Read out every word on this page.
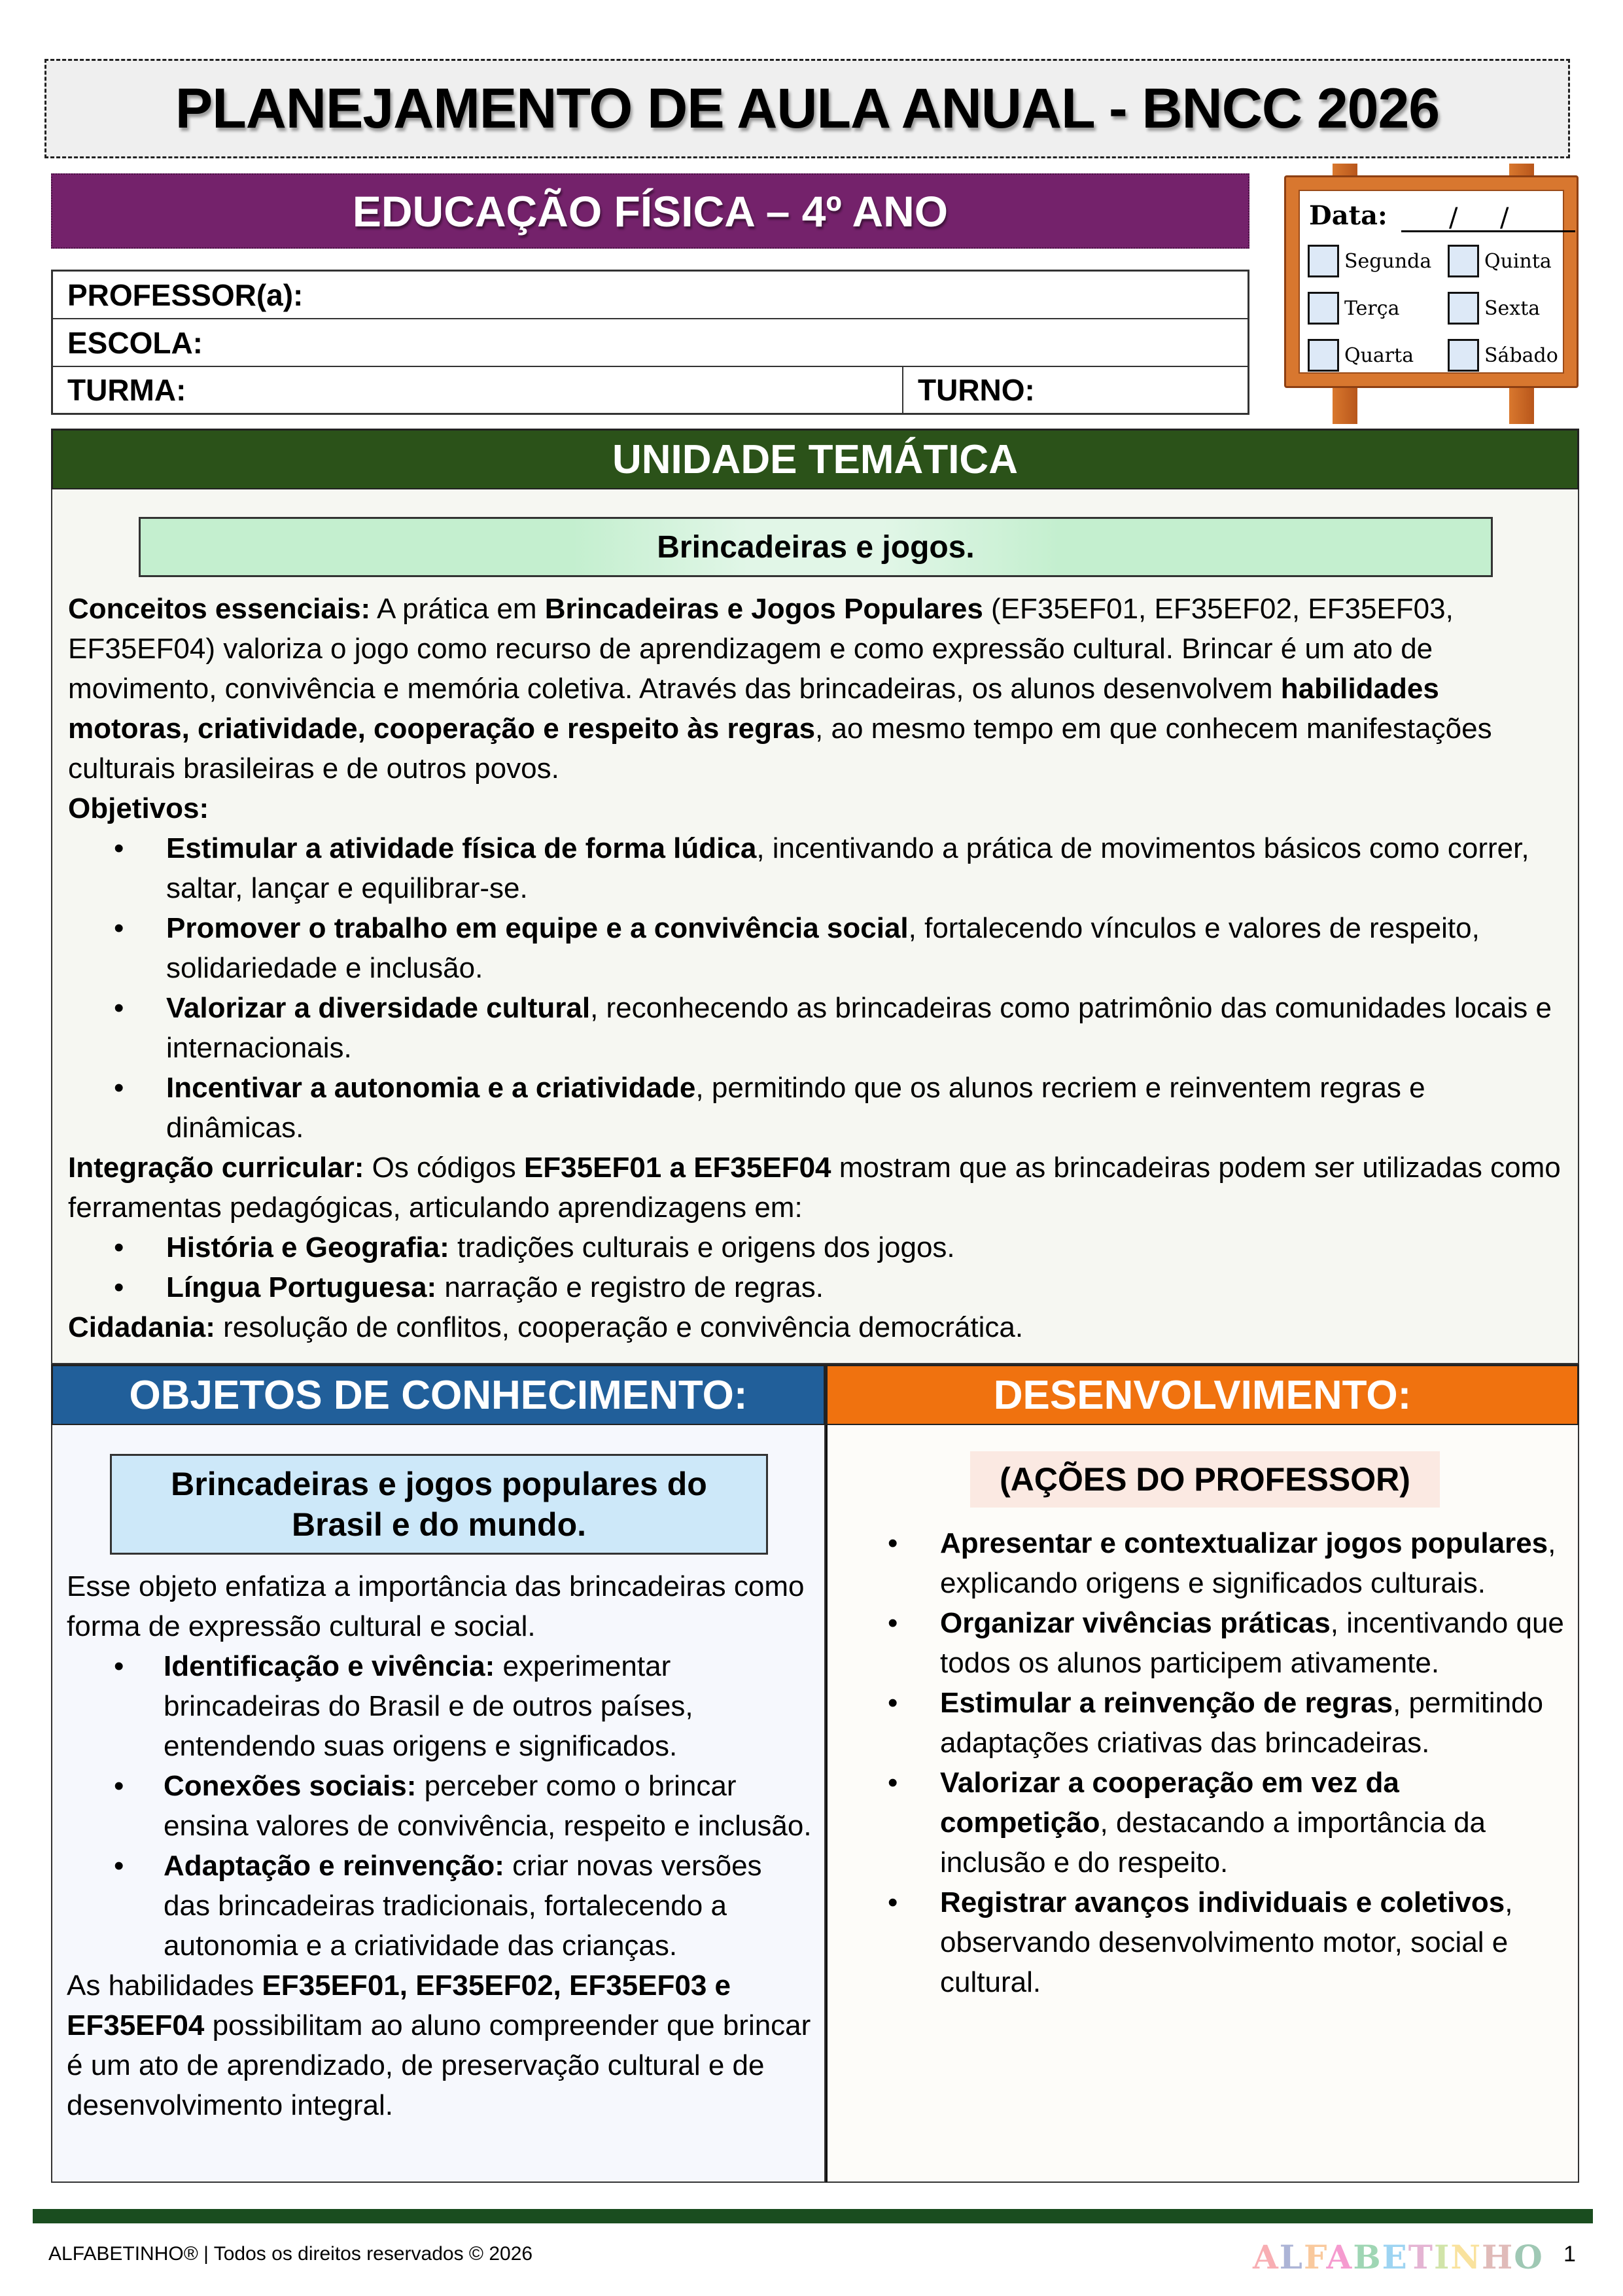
PLANEJAMENTO DE AULA ANUAL - BNCC 2026
EDUCAÇÃO FÍSICA – 4º ANO
PROFESSOR(a):
ESCOLA:
TURMA:	TURNO:
Data: / /
Segunda	Quinta
Terça	Sexta
Quarta	Sábado
UNIDADE TEMÁTICA
Brincadeiras e jogos.

Conceitos essenciais: A prática em Brincadeiras e Jogos Populares (EF35EF01, EF35EF02, EF35EF03, EF35EF04) valoriza o jogo como recurso de aprendizagem e como expressão cultural. Brincar é um ato de movimento, convivência e memória coletiva. Através das brincadeiras, os alunos desenvolvem habilidades motoras, criatividade, cooperação e respeito às regras, ao mesmo tempo em que conhecem manifestações culturais brasileiras e de outros povos.

Objetivos:

• Estimular a atividade física de forma lúdica, incentivando a prática de movimentos básicos como correr, saltar, lançar e equilibrar-se.
• Promover o trabalho em equipe e a convivência social, fortalecendo vínculos e valores de respeito, solidariedade e inclusão.
• Valorizar a diversidade cultural, reconhecendo as brincadeiras como patrimônio das comunidades locais e internacionais.
• Incentivar a autonomia e a criatividade, permitindo que os alunos recriem e reinventem regras e dinâmicas.

Integração curricular: Os códigos EF35EF01 a EF35EF04 mostram que as brincadeiras podem ser utilizadas como ferramentas pedagógicas, articulando aprendizagens em:

• História e Geografia: tradições culturais e origens dos jogos.
• Língua Portuguesa: narração e registro de regras.

Cidadania: resolução de conflitos, cooperação e convivência democrática.

OBJETOS DE CONHECIMENTO:
Brincadeiras e jogos populares do
Brasil e do mundo.

Esse objeto enfatiza a importância das brincadeiras como forma de expressão cultural e social.

• Identificação e vivência: experimentar brincadeiras do Brasil e de outros países, entendendo suas origens e significados.
• Conexões sociais: perceber como o brincar ensina valores de convivência, respeito e inclusão.
• Adaptação e reinvenção: criar novas versões das brincadeiras tradicionais, fortalecendo a autonomia e a criatividade das crianças.

As habilidades EF35EF01, EF35EF02, EF35EF03 e EF35EF04 possibilitam ao aluno compreender que brincar é um ato de aprendizado, de preservação cultural e de desenvolvimento integral.

DESENVOLVIMENTO:
(AÇÕES DO PROFESSOR)
• Apresentar e contextualizar jogos populares, explicando origens e significados culturais.
• Organizar vivências práticas, incentivando que todos os alunos participem ativamente.
• Estimular a reinvenção de regras, permitindo adaptações criativas das brincadeiras.
• Valorizar a cooperação em vez da competição, destacando a importância da inclusão e do respeito.
• Registrar avanços individuais e coletivos, observando desenvolvimento motor, social e cultural.
ALFABETINHO® | Todos os direitos reservados © 2026	ALFABETINHO 1
